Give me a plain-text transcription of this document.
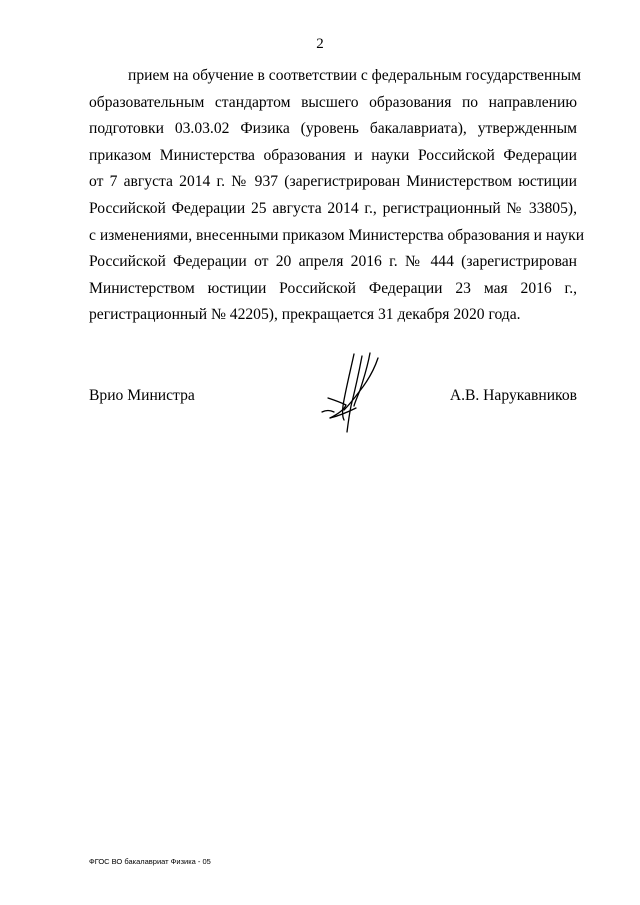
2
прием на обучение в соответствии с федеральным государственным
образовательным стандартом высшего образования по направлению
подготовки 03.03.02 Физика (уровень бакалавриата), утвержденным
приказом Министерства образования и науки Российской Федерации
от 7 августа 2014 г. № 937 (зарегистрирован Министерством юстиции
Российской Федерации 25 августа 2014 г., регистрационный № 33805),
с изменениями, внесенными приказом Министерства образования и науки
Российской Федерации от 20 апреля 2016 г. № 444 (зарегистрирован
Министерством юстиции Российской Федерации 23 мая 2016 г.,
регистрационный № 42205), прекращается 31 декабря 2020 года.
Врио Министра	А.В. Нарукавников
ФГОС ВО бакалавриат Физика - 05
